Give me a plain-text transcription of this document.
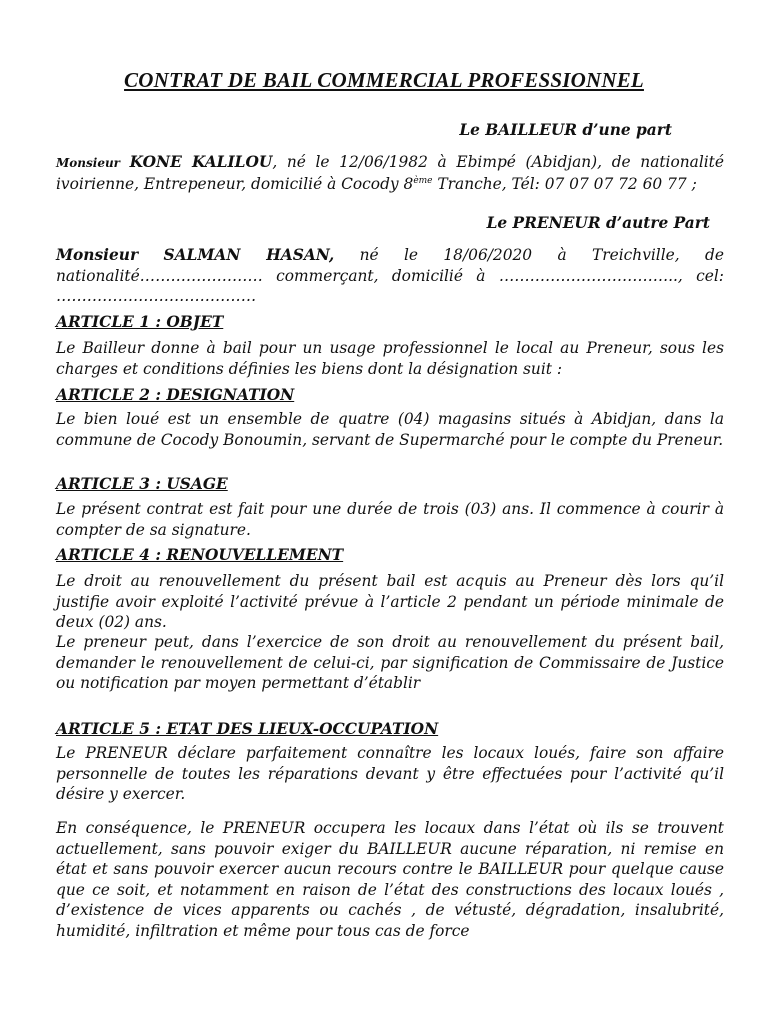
CONTRAT DE BAIL COMMERCIAL PROFESSIONNEL
Le BAILLEUR d’une part
Monsieur KONE KALILOU, né le 12/06/1982 à Ebimpé (Abidjan), de nationalité ivoirienne, Entrepeneur, domicilié à Cocody 8ème Tranche, Tél: 07 07 07 72 60 77 ;
Le PRENEUR d’autre Part
Monsieur SALMAN HASAN, né le 18/06/2020 à Treichville, de nationalité…………………… commerçant, domicilié à …………………………….., cel: …………………………………
ARTICLE 1 : OBJET
Le Bailleur donne à bail pour un usage professionnel le local au Preneur, sous les charges et conditions définies les biens dont la désignation suit :
ARTICLE 2 : DESIGNATION
Le bien loué est un ensemble de quatre (04) magasins situés à Abidjan, dans la commune de Cocody Bonoumin, servant de Supermarché pour le compte du Preneur.
ARTICLE 3 : USAGE
Le présent contrat est fait pour une durée de trois (03) ans. Il commence à courir à compter de sa signature.
ARTICLE 4 : RENOUVELLEMENT
Le droit au renouvellement du présent bail est acquis au Preneur dès lors qu’il justifie avoir exploité l’activité prévue à l’article 2 pendant un période minimale de deux (02) ans.
Le preneur peut, dans l’exercice de son droit au renouvellement du présent bail, demander le renouvellement de celui-ci, par signification de Commissaire de Justice ou notification par moyen permettant d’établir
ARTICLE 5 : ETAT DES LIEUX-OCCUPATION
Le PRENEUR déclare parfaitement connaître les locaux loués, faire son affaire personnelle de toutes les réparations devant y être effectuées pour l’activité qu’il désire y exercer.
En conséquence, le PRENEUR occupera les locaux dans l’état où ils se trouvent actuellement, sans pouvoir exiger du BAILLEUR aucune réparation, ni remise en état et sans pouvoir exercer aucun recours contre le BAILLEUR pour quelque cause que ce soit, et notamment en raison de l’état des constructions des locaux loués , d’existence de vices apparents ou cachés , de vétusté, dégradation, insalubrité, humidité, infiltration et même pour tous cas de force
